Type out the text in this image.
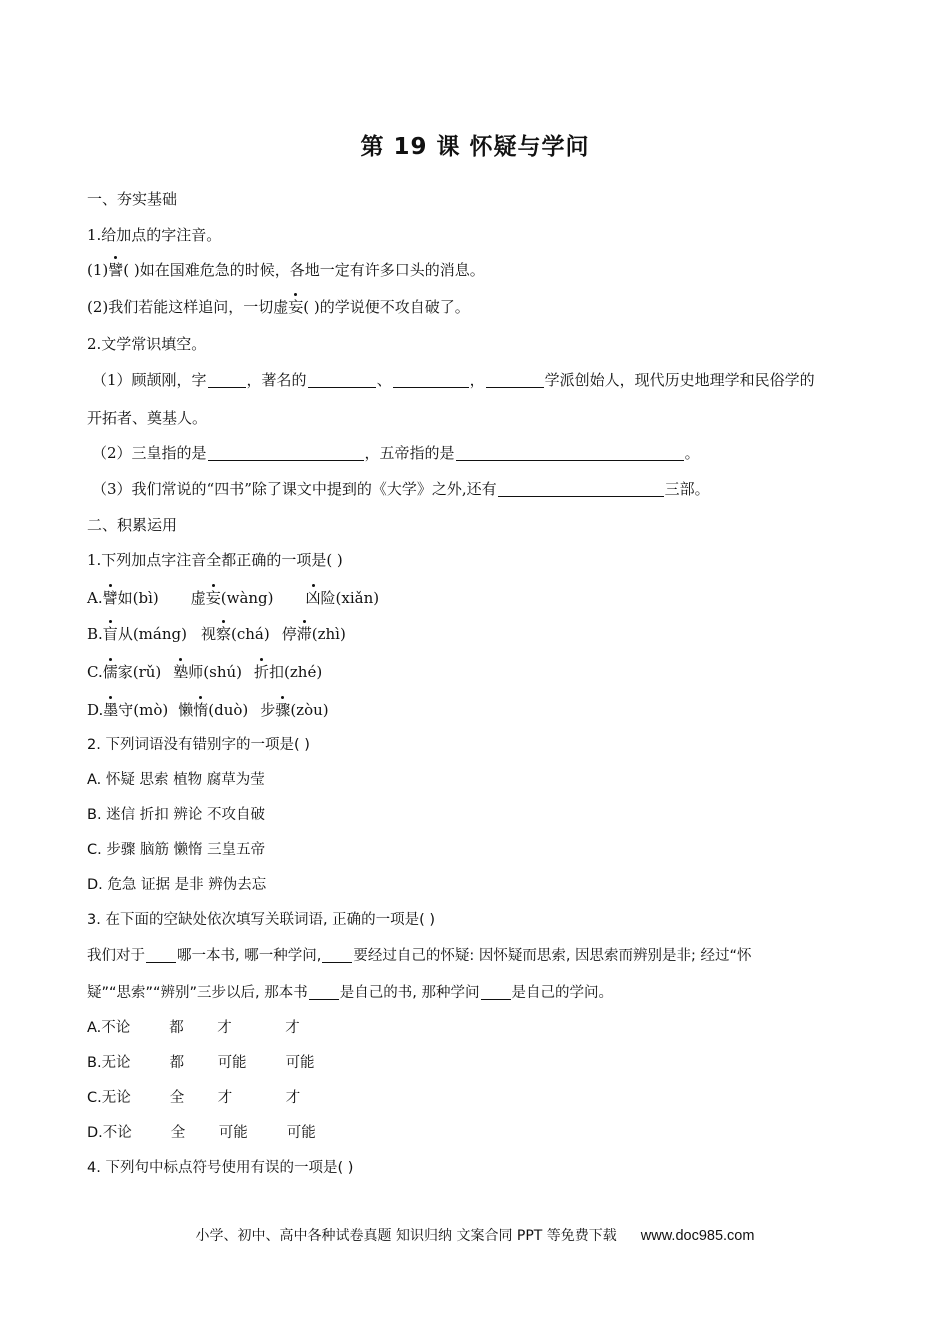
第 19 课 怀疑与学问
一、夯实基础
1.给加点的字注音。
(1)譬( )如在国难危急的时候，各地一定有许多口头的消息。
(2)我们若能这样追问，一切虚妄( )的学说便不攻自破了。
2.文学常识填空。
（1）顾颉刚，字	，著名的	、	，	学派创始人，现代历史地理学和民俗学的
开拓者、奠基人。
（2）三皇指的是	，五帝指的是	。
（3）我们常说的“四书”除了课文中提到的《大学》之外,还有	三部。
二、积累运用
1.下列加点字注音全都正确的一项是( )
A.譬如(bì) 虚妄(wàng) 凶险(xiǎn)
B.盲从(máng) 视察(chá) 停滞(zhì)
C.儒家(rǔ) 塾师(shú) 折扣(zhé)
D.墨守(mò) 懒惰(duò) 步骤(zòu)
2. 下列词语没有错别字的一项是( )
A. 怀疑 思索 植物 腐草为莹
B. 迷信 折扣 辨论 不攻自破
C. 步骤 脑筋 懒惰 三皇五帝
D. 危急 证据 是非 辨伪去忘
3. 在下面的空缺处依次填写关联词语, 正确的一项是( )
我们对于 哪一本书, 哪一种学问, 要经过自己的怀疑: 因怀疑而思索, 因思索而辨别是非; 经过“怀
疑”“思索”“辨别”三步以后, 那本书 是自己的书, 那种学问 是自己的学问。
A.不论	都 才	才
B.无论	都 可能	可能
C.无论	全 才	才
D.不论	全 可能	可能
4. 下列句中标点符号使用有误的一项是( )
小学、初中、高中各种试卷真题 知识归纳 文案合同 PPT 等免费下载 www.doc985.com
